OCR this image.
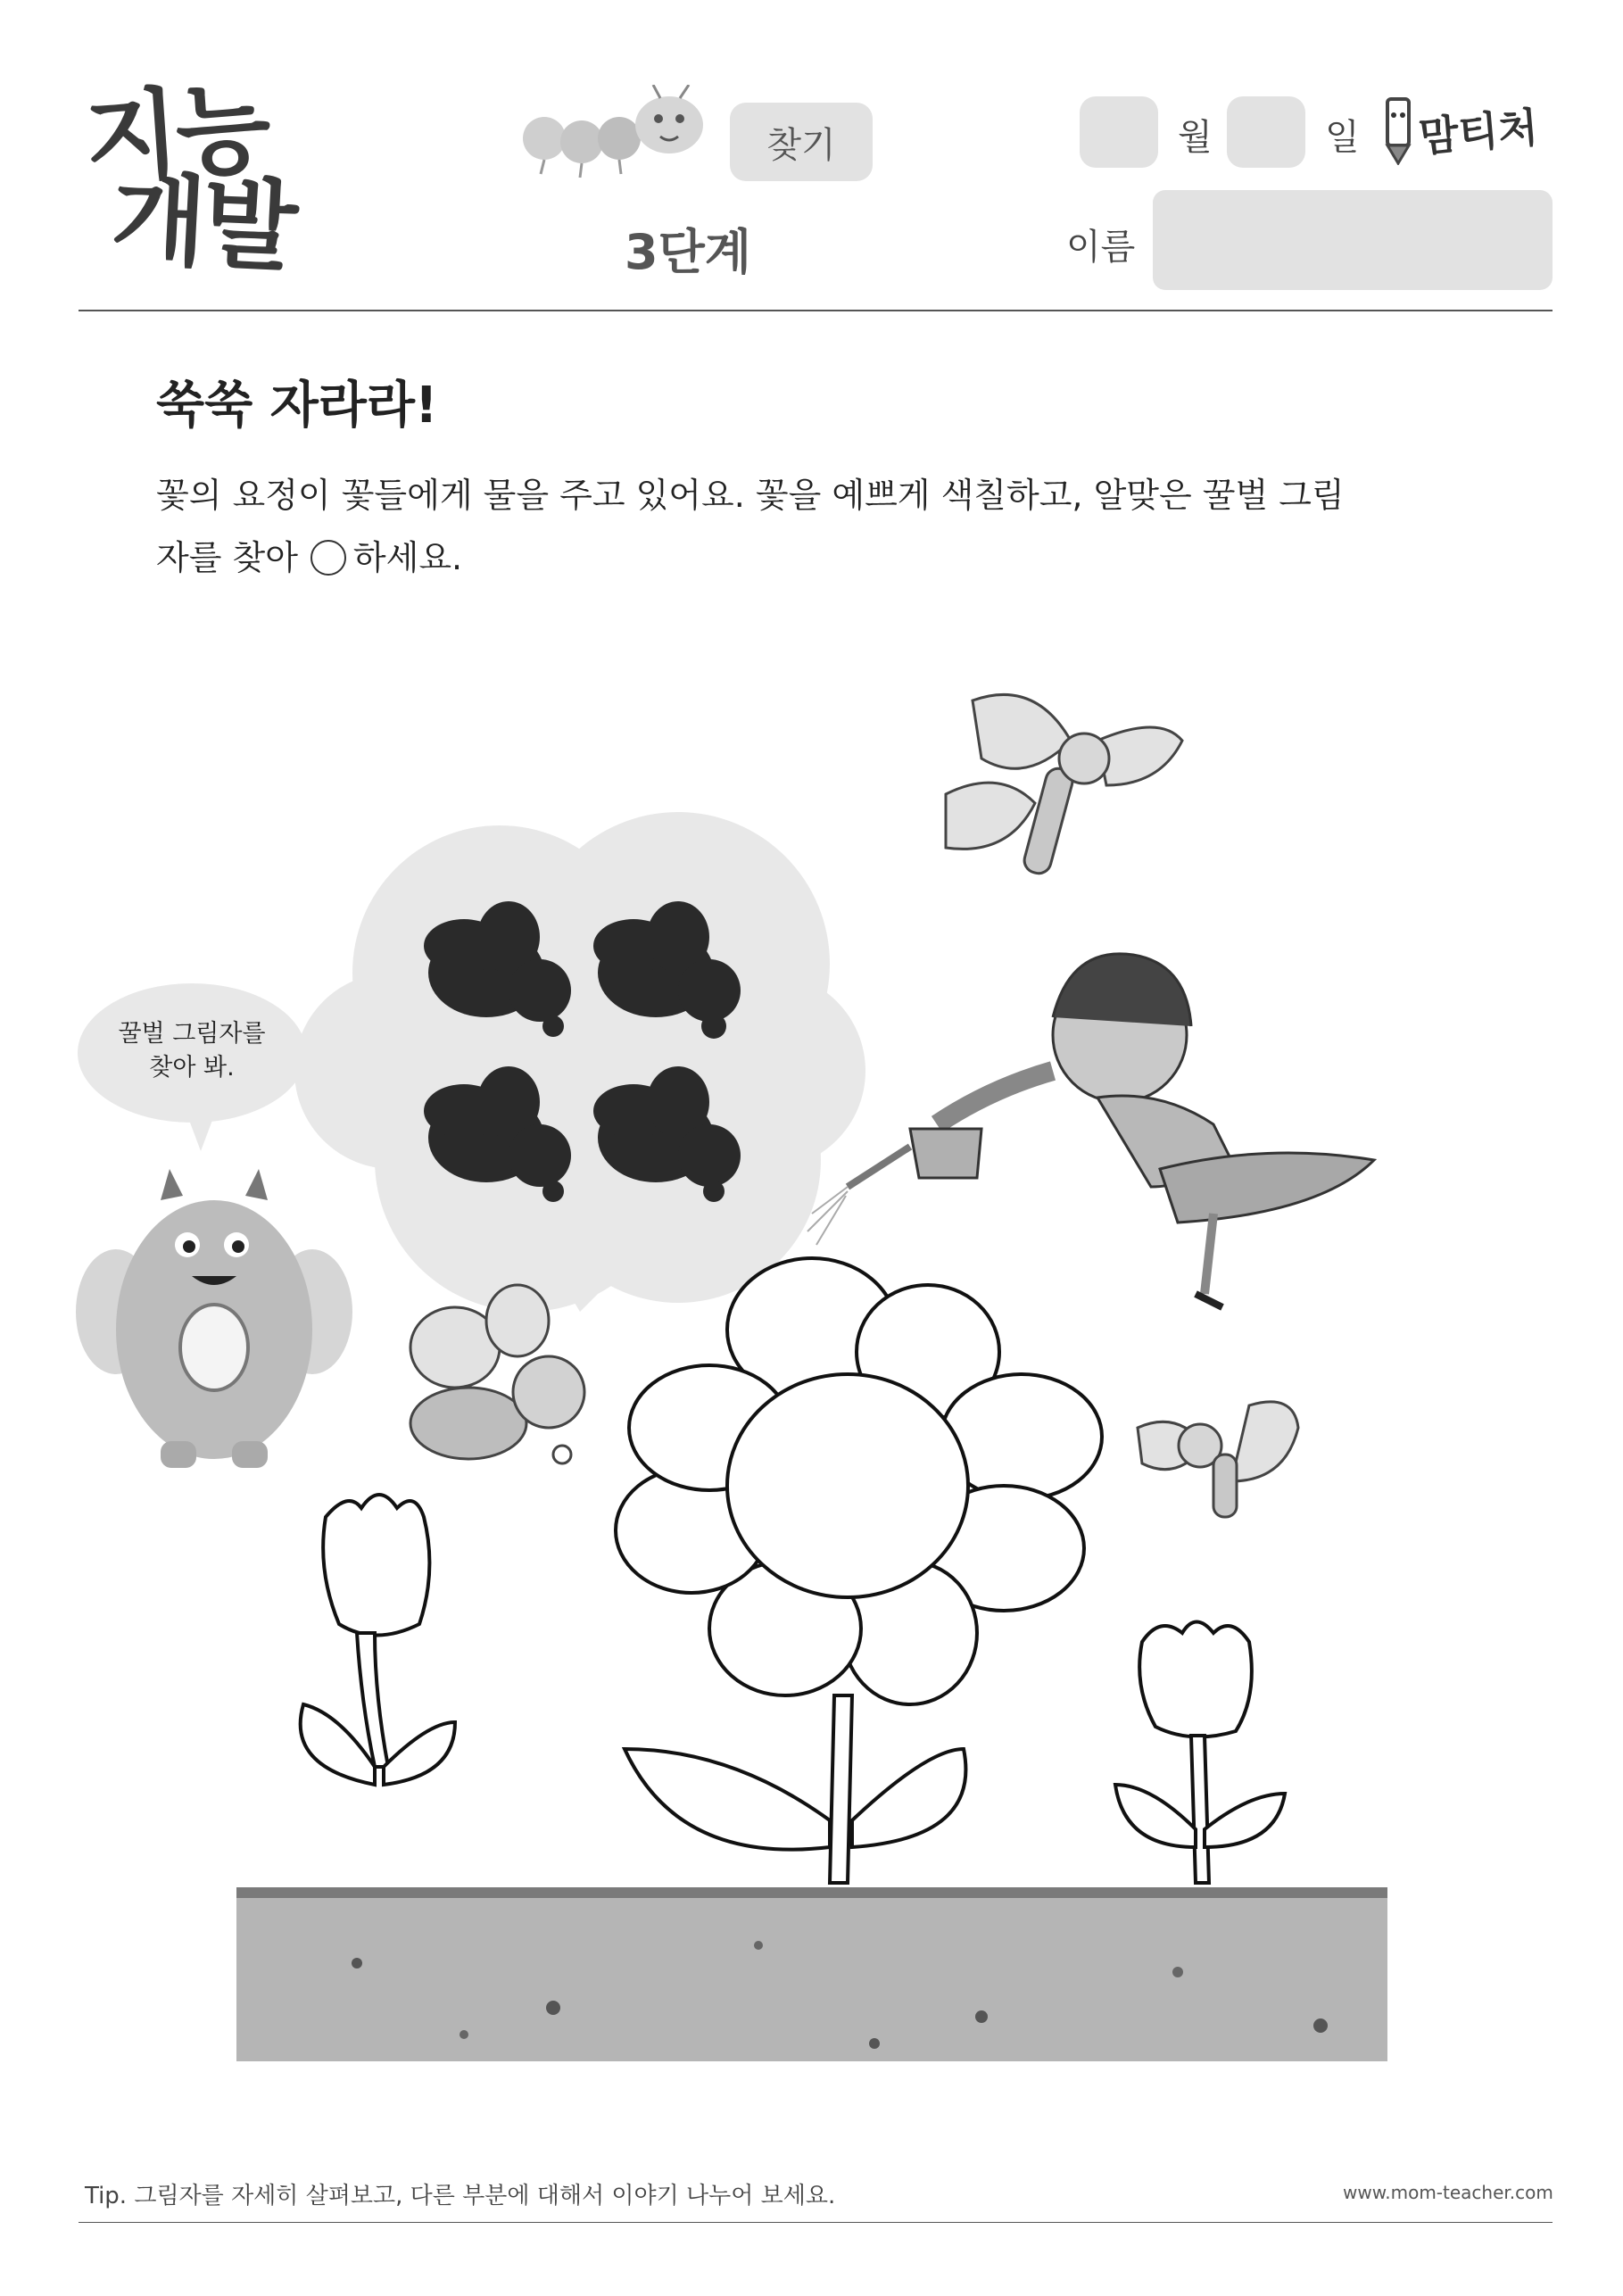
지능
개발
찾기
3단계
월	일 맘티처
이름
쑥쑥 자라라!
꽃의 요정이 꽃들에게 물을 주고 있어요. 꽃을 예쁘게 색칠하고, 알맞은 꿀벌 그림
자를 찾아 ○ 하세요.
꿀벌 그림자를
찾아 봐.
Tip. 그림자를 자세히 살펴보고, 다른 부분에 대해서 이야기 나누어 보세요.	www.mom-teacher.com
